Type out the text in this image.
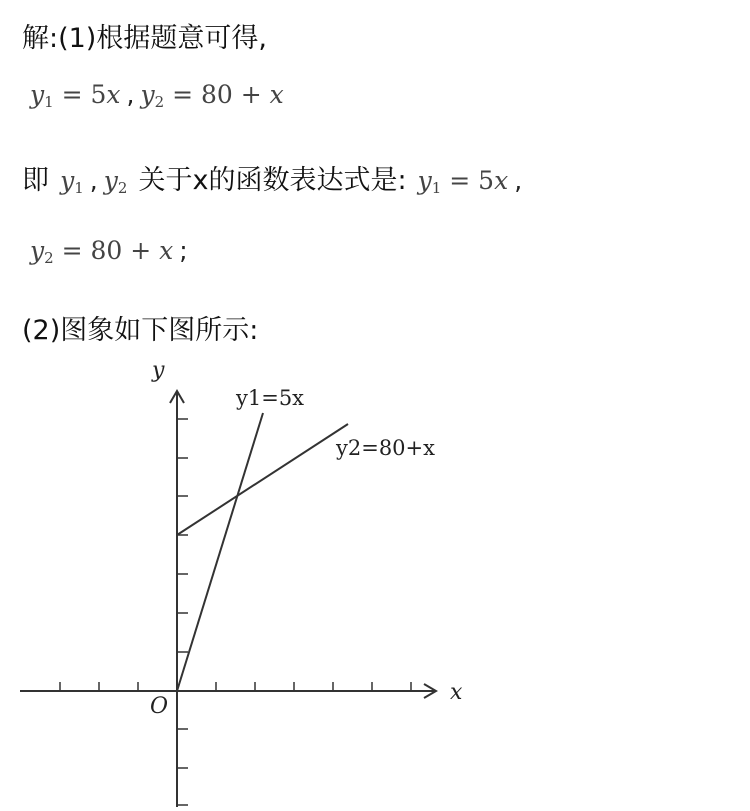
解:(1)根据题意可得,
$y_1 = 5x$ , $y_2 = 80 + x$
即 $y_1$ , $y_2$ 关于x的函数表达式是: $y_1 = 5x$ ,
$y_2 = 80 + x$ ;
(2)图象如下图所示:
y
x
O
y1=5x
y2=80+x
